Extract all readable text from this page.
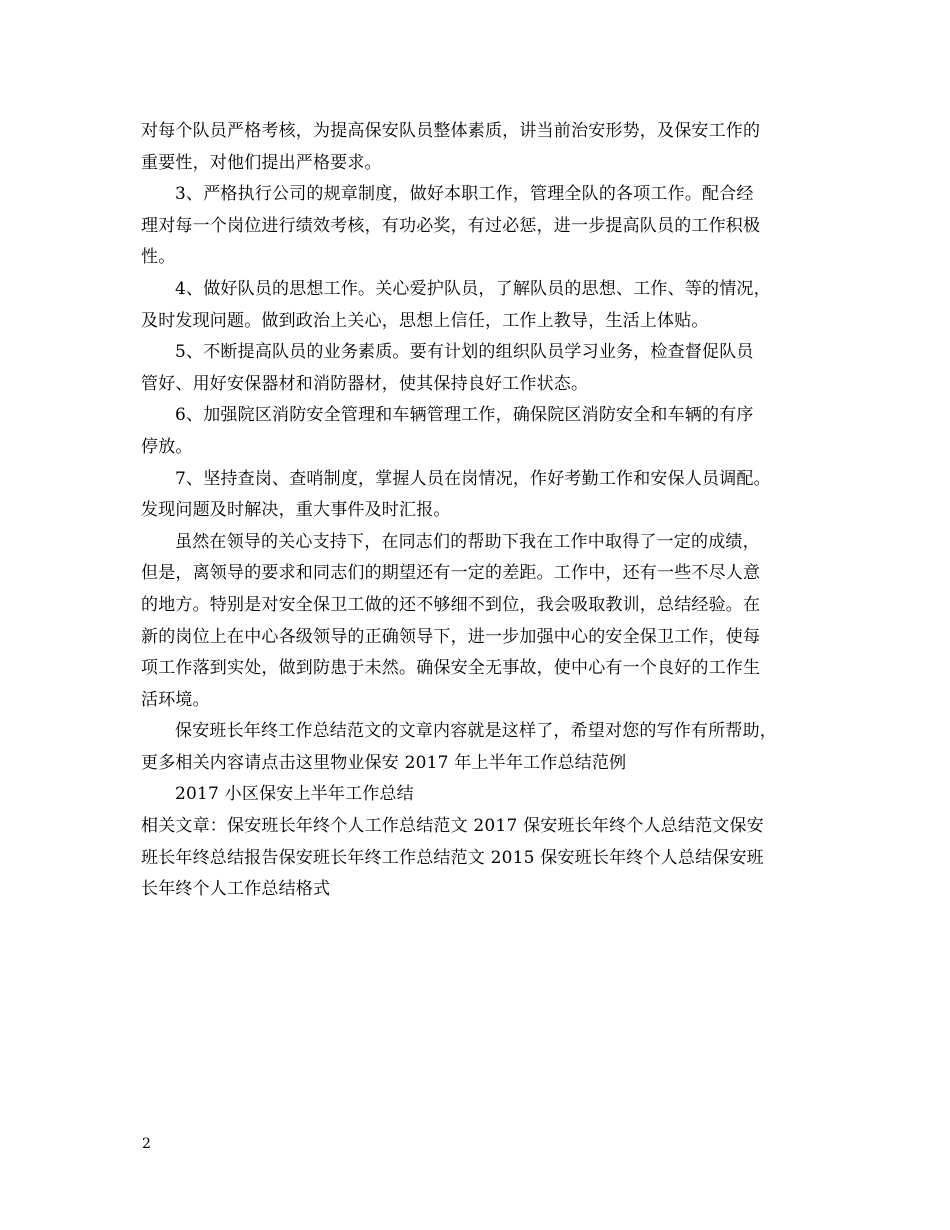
对每个队员严格考核，为提高保安队员整体素质，讲当前治安形势，及保安工作的
重要性，对他们提出严格要求。
3、严格执行公司的规章制度，做好本职工作，管理全队的各项工作。配合经
理对每一个岗位进行绩效考核，有功必奖，有过必惩，进一步提高队员的工作积极
性。
4、做好队员的思想工作。关心爱护队员，了解队员的思想、工作、等的情况，
及时发现问题。做到政治上关心，思想上信任，工作上教导，生活上体贴。
5、不断提高队员的业务素质。要有计划的组织队员学习业务，检查督促队员
管好、用好安保器材和消防器材，使其保持良好工作状态。
6、加强院区消防安全管理和车辆管理工作，确保院区消防安全和车辆的有序
停放。
7、坚持查岗、查哨制度，掌握人员在岗情况，作好考勤工作和安保人员调配。
发现问题及时解决，重大事件及时汇报。
虽然在领导的关心支持下，在同志们的帮助下我在工作中取得了一定的成绩，
但是，离领导的要求和同志们的期望还有一定的差距。工作中，还有一些不尽人意
的地方。特别是对安全保卫工做的还不够细不到位，我会吸取教训，总结经验。在
新的岗位上在中心各级领导的正确领导下，进一步加强中心的安全保卫工作，使每
项工作落到实处，做到防患于未然。确保安全无事故，使中心有一个良好的工作生
活环境。
保安班长年终工作总结范文的文章内容就是这样了，希望对您的写作有所帮助，
更多相关内容请点击这里物业保安 2017 年上半年工作总结范例
2017 小区保安上半年工作总结
相关文章：保安班长年终个人工作总结范文 2017 保安班长年终个人总结范文保安
班长年终总结报告保安班长年终工作总结范文 2015 保安班长年终个人总结保安班
长年终个人工作总结格式
2
